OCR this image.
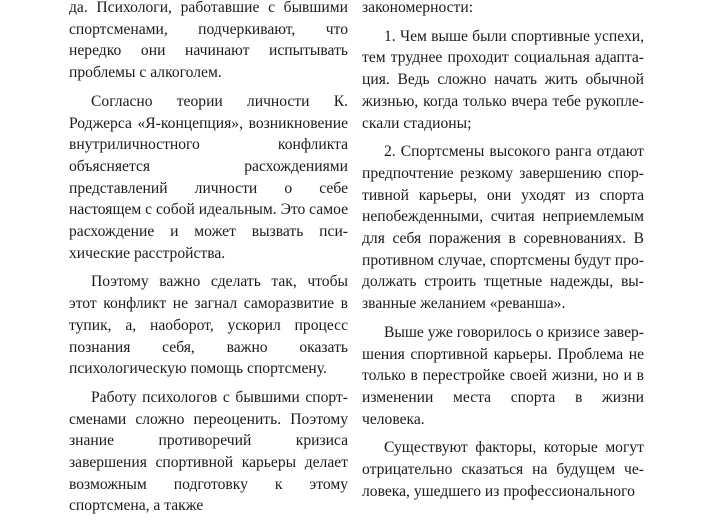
да. Психологи, работавшие с бывшими спортсменами, подчеркивают, что нередко они начинают испытывать проблемы с алкоголем.

Согласно теории личности К. Роджерса «Я-концепция», возникновение внутриличностного конфликта объясняется расхождениями представлений личности о себе настоящем с собой идеальным. Это самое расхождение и может вызвать психические расстройства.

Поэтому важно сделать так, чтобы этот конфликт не загнал саморазвитие в тупик, а, наоборот, ускорил процесс познания себя, важно оказать психологическую помощь спортсмену.

Работу психологов с бывшими спортсменами сложно переоценить. Поэтому знание противоречий кризиса завершения спортивной карьеры делает возможным подготовку к этому спортсмена, а также

закономерности:

1. Чем выше были спортивные успехи, тем труднее проходит социальная адаптация. Ведь сложно начать жить обычной жизнью, когда только вчера тебе рукоплескали стадионы;

2. Спортсмены высокого ранга отдают предпочтение резкому завершению спортивной карьеры, они уходят из спорта непобежденными, считая неприемлемым для себя поражения в соревнованиях. В противном случае, спортсмены будут продолжать строить тщетные надежды, вызванные желанием «реванша».

Выше уже говорилось о кризисе завершения спортивной карьеры. Проблема не только в перестройке своей жизни, но и в изменении места спорта в жизни человека.

Существуют факторы, которые могут отрицательно сказаться на будущем человека, ушедшего из профессионального
